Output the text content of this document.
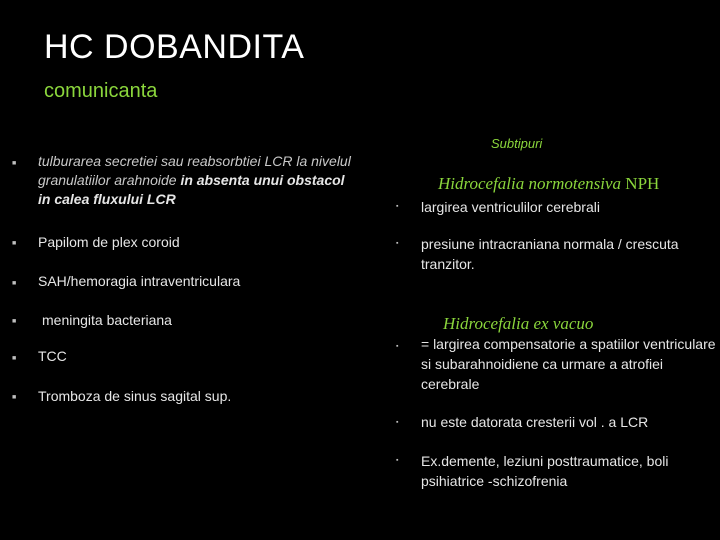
HC DOBANDITA
comunicanta
■ tulburarea secretiei sau reabsorbtiei LCR la nivelul granulatiilor arahnoide in absenta unui obstacol in calea fluxului LCR
■ Papilom de plex coroid
■ SAH/hemoragia intraventriculara
■ meningita bacteriana
■ TCC
■ Tromboza de sinus sagital sup.
Subtipuri
Hidrocefalia normotensiva NPH
▪ largirea ventriculilor cerebrali
▪ presiune intracraniana normala / crescuta tranzitor.
Hidrocefalia ex vacuo
▪ = largirea compensatorie a spatiilor ventriculare si subarahnoidiene ca urmare a atrofiei cerebrale
▪ nu este datorata cresterii vol . a LCR
▪ Ex.demente, leziuni posttraumatice, boli psihiatrice -schizofrenia
